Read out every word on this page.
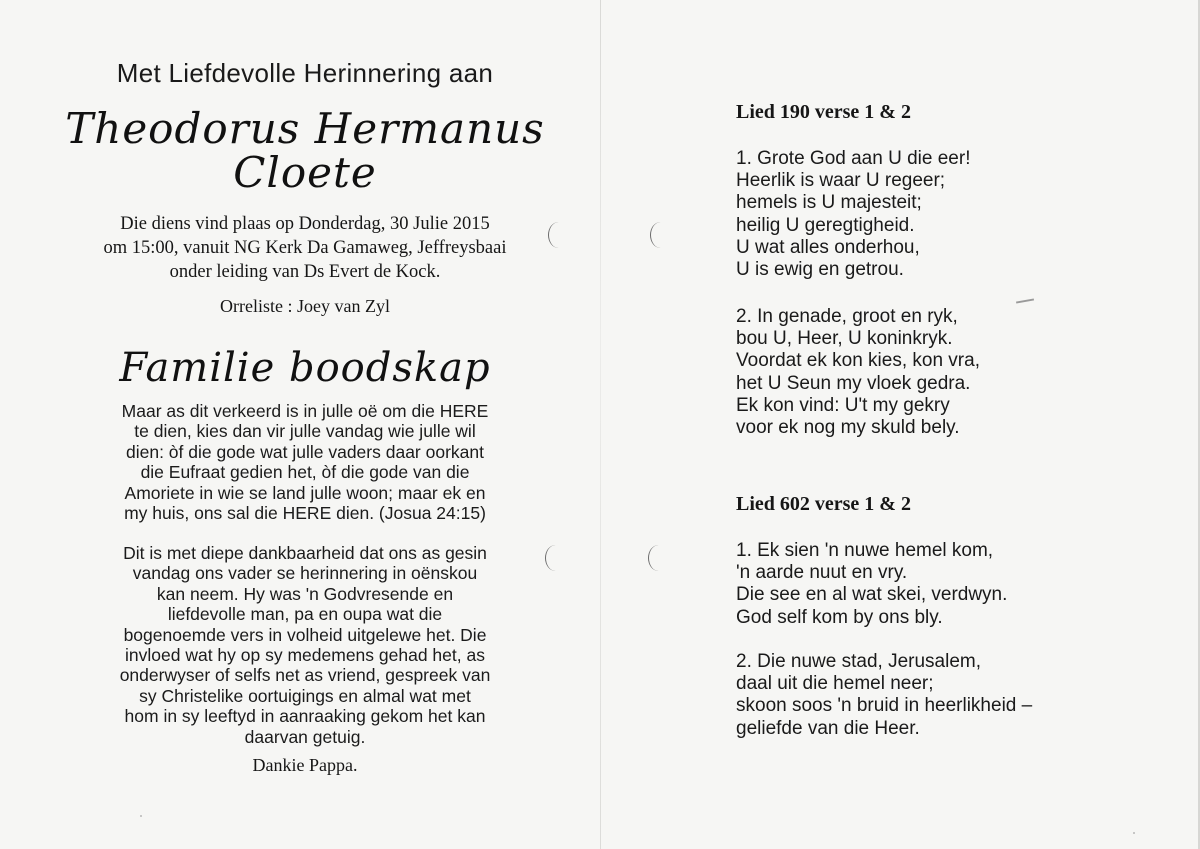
Met Liefdevolle Herinnering aan
Theodorus Hermanus
Cloete
Die diens vind plaas op Donderdag, 30 Julie 2015
om 15:00, vanuit NG Kerk Da Gamaweg, Jeffreysbaai
onder leiding van Ds Evert de Kock.
Orreliste : Joey van Zyl
Familie boodskap
Maar as dit verkeerd is in julle oë om die HERE
te dien, kies dan vir julle vandag wie julle wil
dien: òf die gode wat julle vaders daar oorkant
die Eufraat gedien het, òf die gode van die
Amoriete in wie se land julle woon; maar ek en
my huis, ons sal die HERE dien. (Josua 24:15)
Dit is met diepe dankbaarheid dat ons as gesin
vandag ons vader se herinnering in oënskou
kan neem. Hy was 'n Godvresende en
liefdevolle man, pa en oupa wat die
bogenoemde vers in volheid uitgelewe het. Die
invloed wat hy op sy medemens gehad het, as
onderwyser of selfs net as vriend, gespreek van
sy Christelike oortuigings en almal wat met
hom in sy leeftyd in aanraaking gekom het kan
daarvan getuig.
Dankie Pappa.
Lied 190 verse 1 & 2
1. Grote God aan U die eer!
Heerlik is waar U regeer;
hemels is U majesteit;
heilig U geregtigheid.
U wat alles onderhou,
U is ewig en getrou.
2. In genade, groot en ryk,
bou U, Heer, U koninkryk.
Voordat ek kon kies, kon vra,
het U Seun my vloek gedra.
Ek kon vind: U't my gekry
voor ek nog my skuld bely.
Lied 602 verse 1 & 2
1. Ek sien 'n nuwe hemel kom,
'n aarde nuut en vry.
Die see en al wat skei, verdwyn.
God self kom by ons bly.
2. Die nuwe stad, Jerusalem,
daal uit die hemel neer;
skoon soos 'n bruid in heerlikheid –
geliefde van die Heer.
